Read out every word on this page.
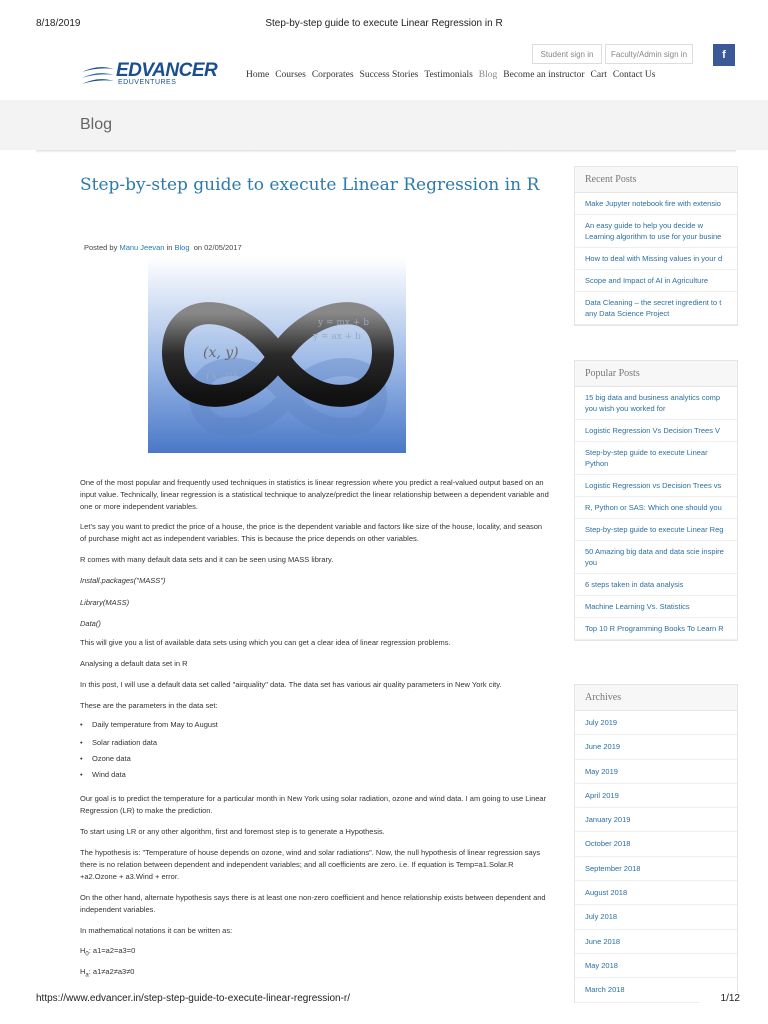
8/18/2019	Step-by-step guide to execute Linear Regression in R
Student sign in	Faculty/Admin sign in	f
EDVANCER
EDUVENTURES
Home Courses Corporates Success Stories Testimonials Blog Become an instructor Cart Contact Us
Blog
Step-by-step guide to execute Linear Regression in R
Posted by Manu Jeevan in Blog on 02/05/2017
(x, y)
(x, y)
y = mx + b
y = ax + b
One of the most popular and frequently used techniques in statistics is linear regression where you predict a real-valued output based on an input value. Technically, linear regression is a statistical technique to analyze/predict the linear relationship between a dependent variable and one or more independent variables.
Let’s say you want to predict the price of a house, the price is the dependent variable and factors like size of the house, locality, and season of purchase might act as independent variables. This is because the price depends on other variables.
R comes with many default data sets and it can be seen using MASS library.
Install.packages("MASS")
Library(MASS)
Data()
This will give you a list of available data sets using which you can get a clear idea of linear regression problems.
Analysing a default data set in R
In this post, I will use a default data set called "airquality" data. The data set has various air quality parameters in New York city.
These are the parameters in the data set:
• Daily temperature from May to August
• Solar radiation data
• Ozone data
• Wind data
Our goal is to predict the temperature for a particular month in New York using solar radiation, ozone and wind data. I am going to use Linear Regression (LR) to make the prediction.
To start using LR or any other algorithm, first and foremost step is to generate a Hypothesis.
The hypothesis is: "Temperature of house depends on ozone, wind and solar radiations". Now, the null hypothesis of linear regression says there is no relation between dependent and independent variables; and all coefficients are zero. i.e. If equation is Temp=a1.Solar.R +a2.Ozone + a3.Wind + error.
On the other hand, alternate hypothesis says there is at least one non-zero coefficient and hence relationship exists between dependent and independent variables.
In mathematical notations it can be written as:
$H_0$: a1=a2=a3=0
$H_a$: a1≠a2≠a3≠0
Recent Posts
Make Jupyter notebook fire with extensio
An easy guide to help you decide w Learning algorithm to use for your busine
How to deal with Missing values in your d
Scope and Impact of AI in Agriculture
Data Cleaning – the secret ingredient to t any Data Science Project
Popular Posts
15 big data and business analytics comp you wish you worked for
Logistic Regression Vs Decision Trees V
Step-by-step guide to execute Linear Python
Logistic Regression vs Decision Trees vs
R, Python or SAS: Which one should you
Step-by-step guide to execute Linear Reg
50 Amazing big data and data scie inspire you
6 steps taken in data analysis
Machine Learning Vs. Statistics
Top 10 R Programming Books To Learn R
Archives
July 2019
June 2019
May 2019
April 2019
January 2019
October 2018
September 2018
August 2018
July 2018
June 2018
May 2018
March 2018
https://www.edvancer.in/step-step-guide-to-execute-linear-regression-r/	1/12
